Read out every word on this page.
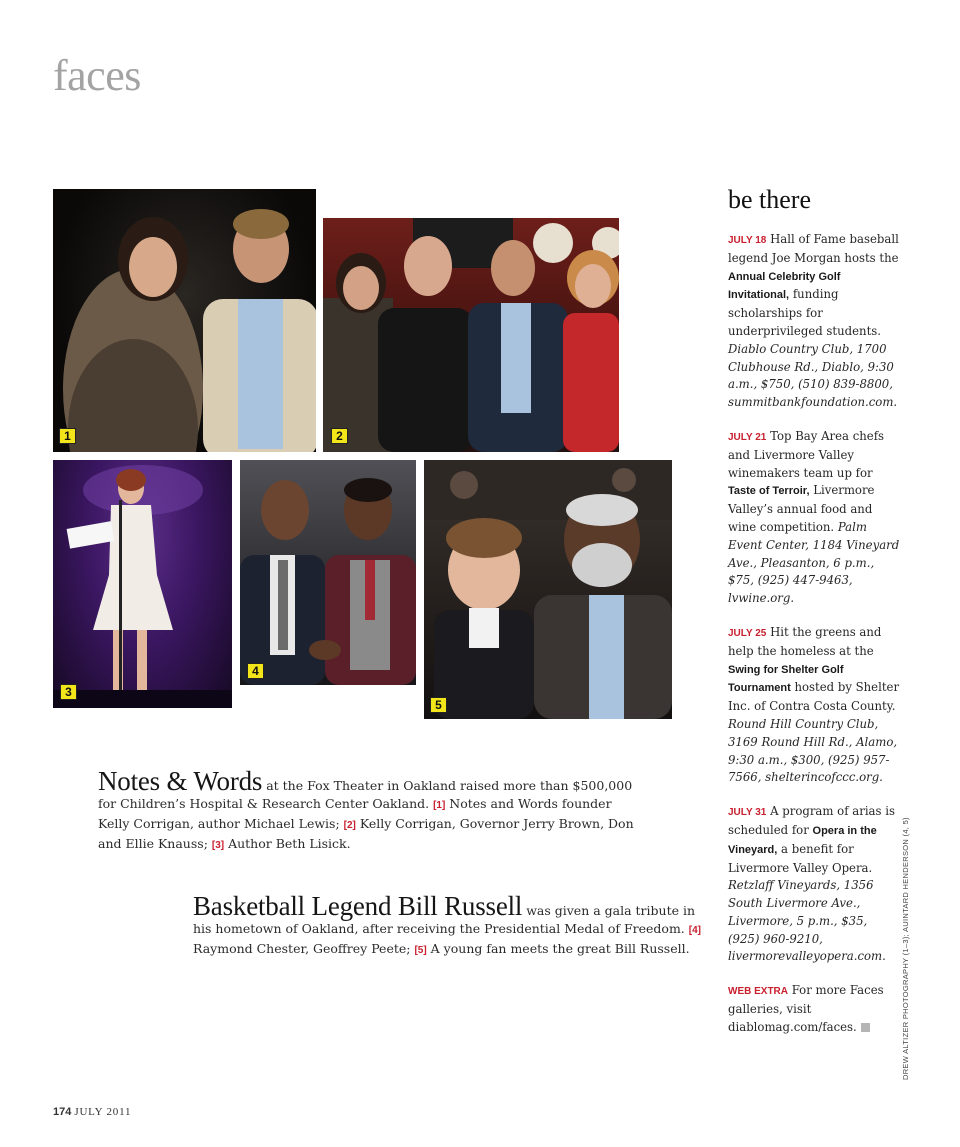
faces
1	2
3
4
5
Notes & Words at the Fox Theater in Oakland raised more than $500,000 for Children’s Hospital & Research Center Oakland. [1] Notes and Words founder Kelly Corrigan, author Michael Lewis; [2] Kelly Corrigan, Governor Jerry Brown, Don and Ellie Knauss; [3] Author Beth Lisick.
Basketball Legend Bill Russell was given a gala tribute in his hometown of Oakland, after receiving the Presidential Medal of Freedom. [4] Raymond Chester, Geoffrey Peete; [5] A young fan meets the great Bill Russell.
be there
JULY 18 Hall of Fame baseball legend Joe Morgan hosts the Annual Celebrity Golf Invitational, funding scholarships for underprivileged students. Diablo Country Club, 1700 Clubhouse Rd., Diablo, 9:30 a.m., $750, (510) 839-8800, summitbankfoundation.com.
JULY 21 Top Bay Area chefs and Livermore Valley winemakers team up for Taste of Terroir, Livermore Valley’s annual food and wine competition. Palm Event Center, 1184 Vineyard Ave., Pleasanton, 6 p.m., $75, (925) 447-9463, lvwine.org.
JULY 25 Hit the greens and help the homeless at the Swing for Shelter Golf Tournament hosted by Shelter Inc. of Contra Costa County. Round Hill Country Club, 3169 Round Hill Rd., Alamo, 9:30 a.m., $300, (925) 957-7566, shelterincofccc.org.
JULY 31 A program of arias is scheduled for Opera in the Vineyard, a benefit for Livermore Valley Opera. Retzlaff Vineyards, 1356 South Livermore Ave., Livermore, 5 p.m., $35, (925) 960-9210, livermorevalleyopera.com.
WEB EXTRA For more Faces galleries, visit diablomag.com/faces.	DREW ALTIZER PHOTOGRAPHY (1–3); AUINTARD HENDERSON (4, 5)
174 JULY 2011
